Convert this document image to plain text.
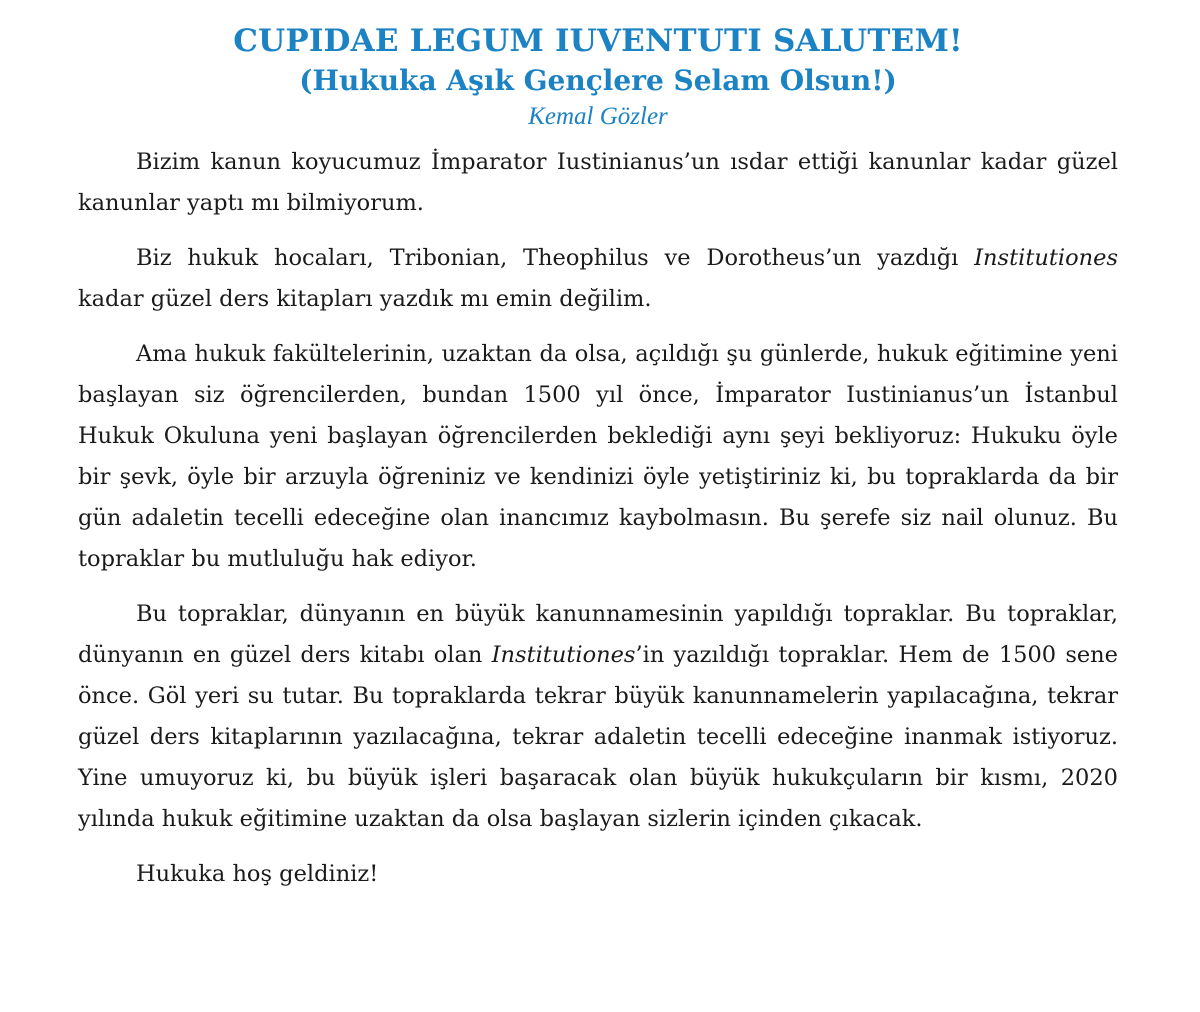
CUPIDAE LEGUM IUVENTUTI SALUTEM!
(Hukuka Aşık Gençlere Selam Olsun!)
Kemal Gözler

Bizim kanun koyucumuz İmparator Iustinianus’un ısdar ettiği kanunlar kadar güzel kanunlar yaptı mı bilmiyorum.

Biz hukuk hocaları, Tribonian, Theophilus ve Dorotheus’un yazdığı Institutiones kadar güzel ders kitapları yazdık mı emin değilim.

Ama hukuk fakültelerinin, uzaktan da olsa, açıldığı şu günlerde, hukuk eğitimine yeni başlayan siz öğrencilerden, bundan 1500 yıl önce, İmparator Iustinianus’un İstanbul Hukuk Okuluna yeni başlayan öğrencilerden beklediği aynı şeyi bekliyoruz: Hukuku öyle bir şevk, öyle bir arzuyla öğreniniz ve kendinizi öyle yetiştiriniz ki, bu topraklarda da bir gün adaletin tecelli edeceğine olan inancımız kaybolmasın. Bu şerefe siz nail olunuz. Bu topraklar bu mutluluğu hak ediyor.

Bu topraklar, dünyanın en büyük kanunnamesinin yapıldığı topraklar. Bu topraklar, dünyanın en güzel ders kitabı olan Institutiones’in yazıldığı topraklar. Hem de 1500 sene önce. Göl yeri su tutar. Bu topraklarda tekrar büyük kanunnamelerin yapılacağına, tekrar güzel ders kitaplarının yazılacağına, tekrar adaletin tecelli edeceğine inanmak istiyoruz. Yine umuyoruz ki, bu büyük işleri başaracak olan büyük hukukçuların bir kısmı, 2020 yılında hukuk eğitimine uzaktan da olsa başlayan sizlerin içinden çıkacak.

Hukuka hoş geldiniz!
